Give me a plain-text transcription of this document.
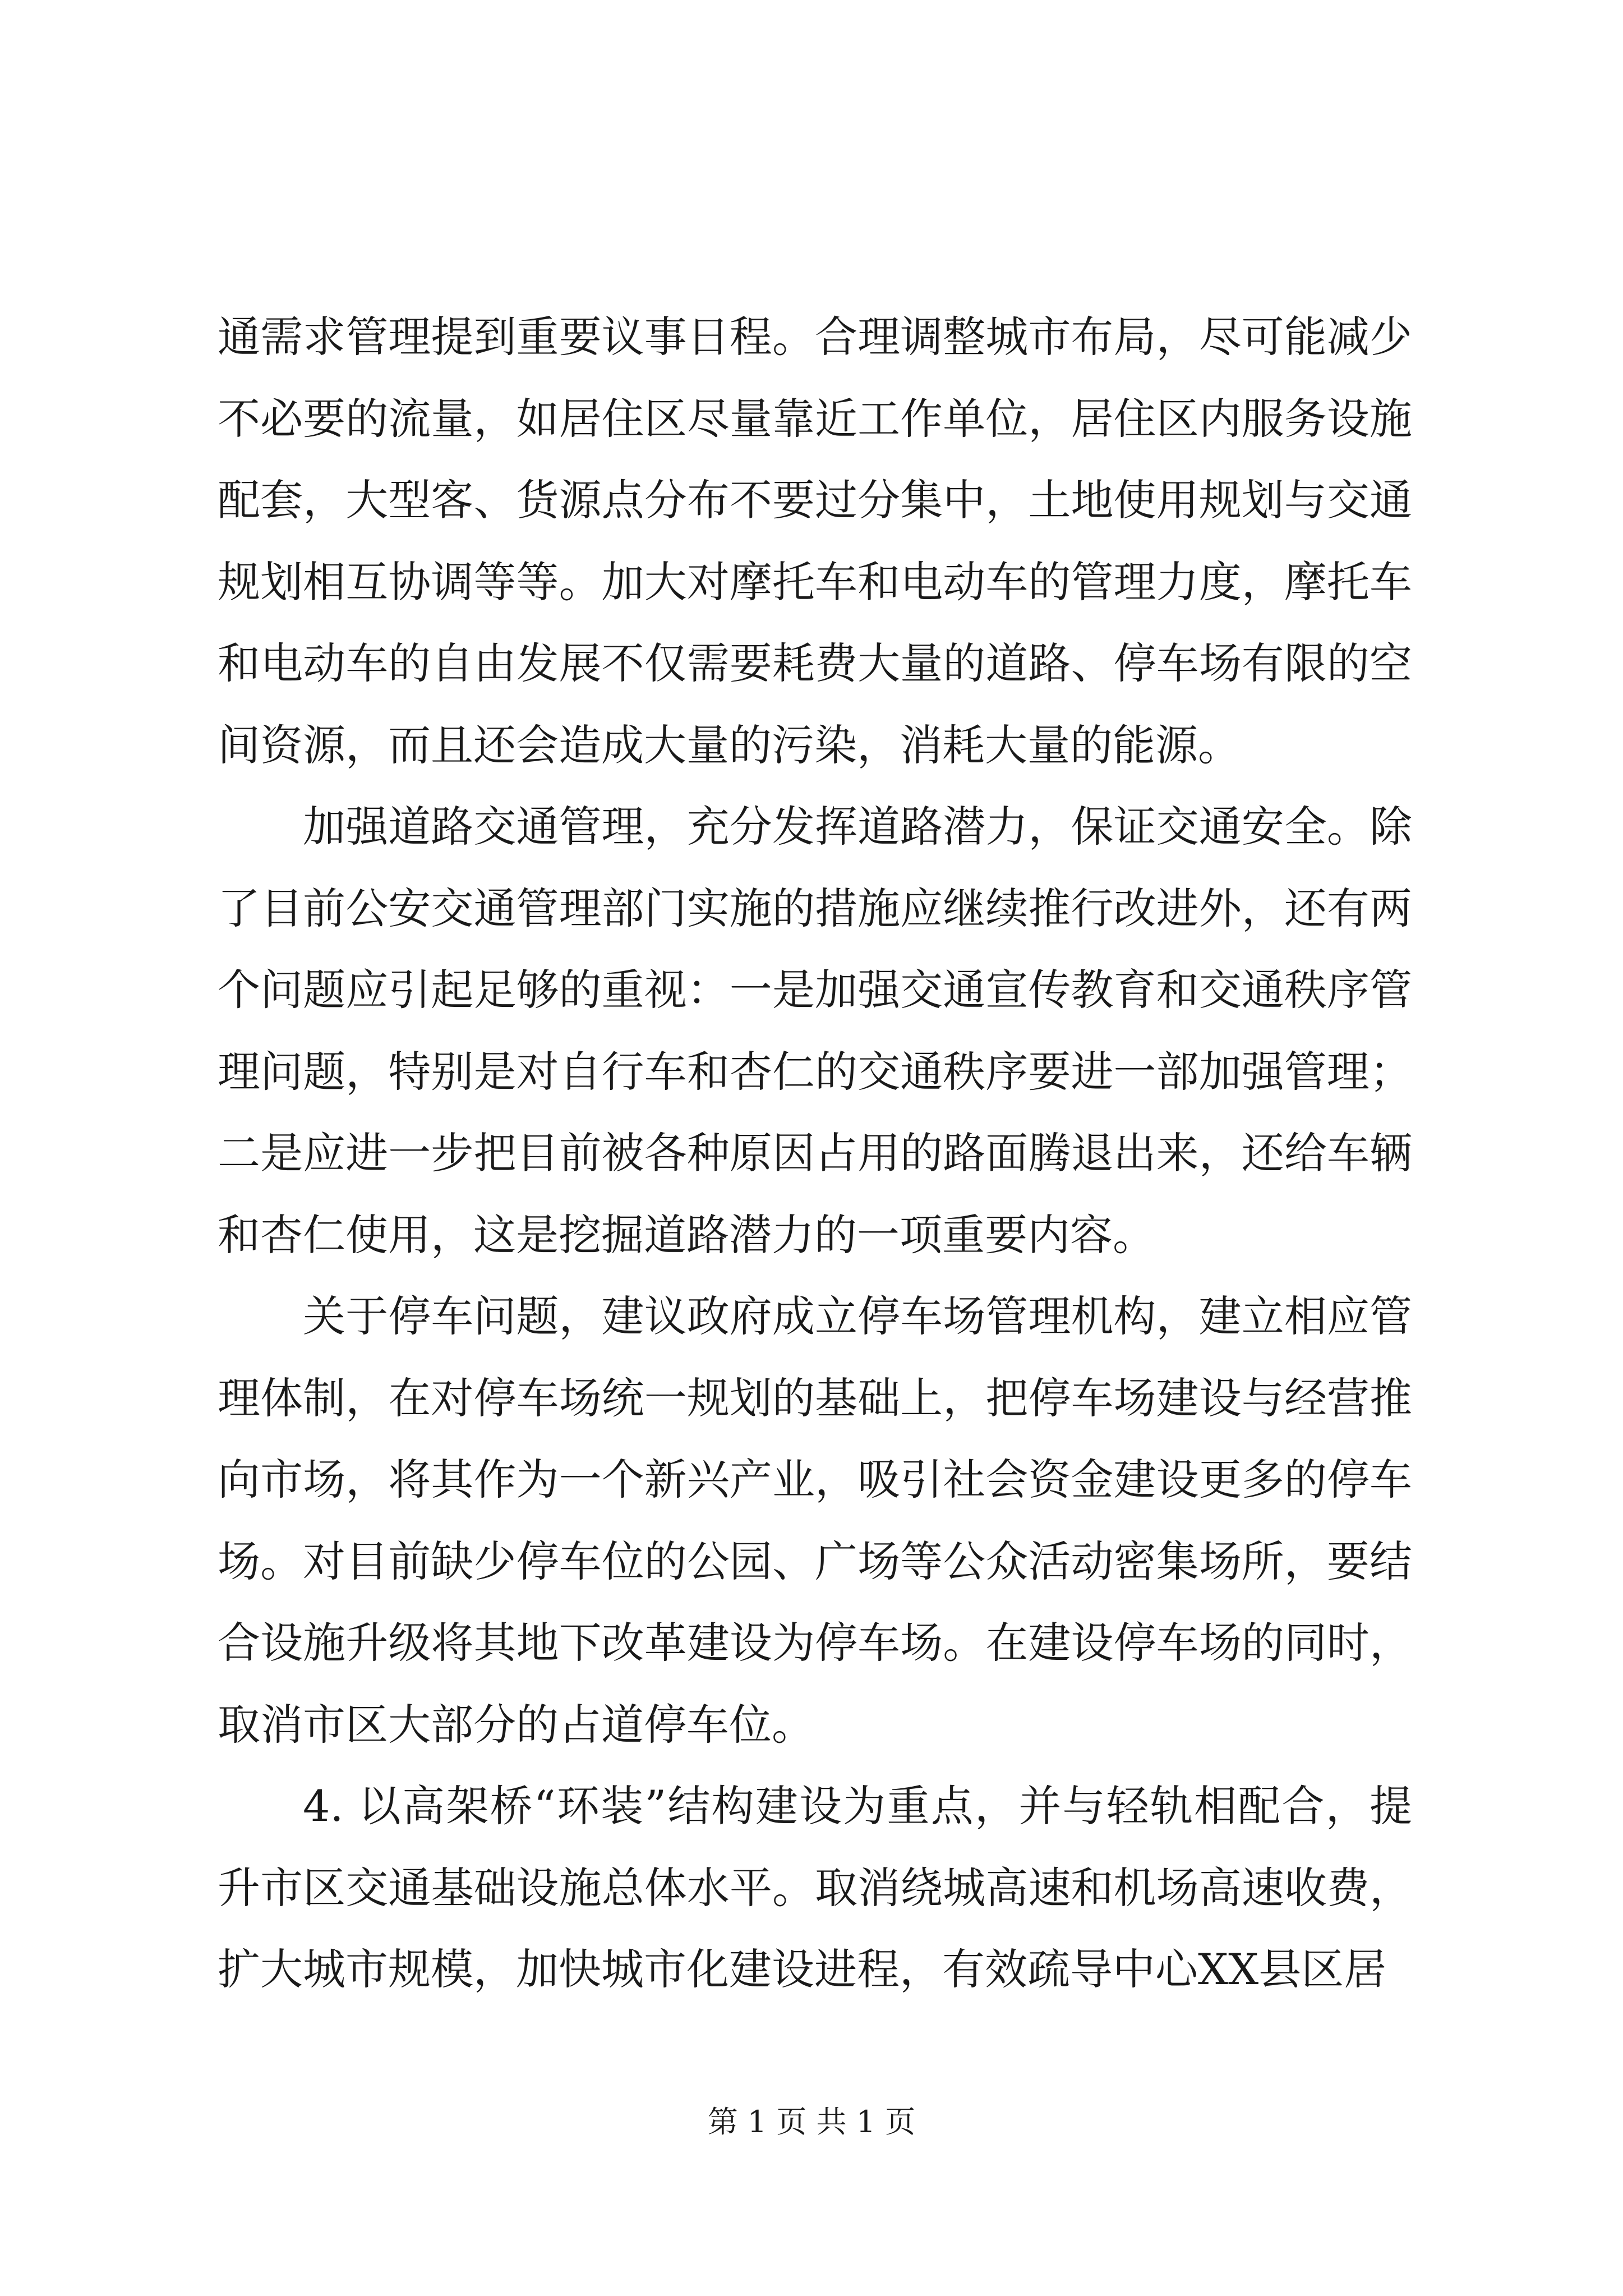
通需求管理提到重要议事日程。合理调整城市布局，尽可能减少不必要的流量，如居住区尽量靠近工作单位，居住区内服务设施配套，大型客、货源点分布不要过分集中，土地使用规划与交通规划相互协调等等。加大对摩托车和电动车的管理力度，摩托车和电动车的自由发展不仅需要耗费大量的道路、停车场有限的空间资源，而且还会造成大量的污染，消耗大量的能源。

加强道路交通管理，充分发挥道路潜力，保证交通安全。除了目前公安交通管理部门实施的措施应继续推行改进外，还有两个问题应引起足够的重视：一是加强交通宣传教育和交通秩序管理问题，特别是对自行车和杏仁的交通秩序要进一部加强管理；二是应进一步把目前被各种原因占用的路面腾退出来，还给车辆和杏仁使用，这是挖掘道路潜力的一项重要内容。

关于停车问题，建议政府成立停车场管理机构，建立相应管理体制，在对停车场统一规划的基础上，把停车场建设与经营推向市场，将其作为一个新兴产业，吸引社会资金建设更多的停车场。对目前缺少停车位的公园、广场等公众活动密集场所，要结合设施升级将其地下改革建设为停车场。在建设停车场的同时，取消市区大部分的占道停车位。

4. 以高架桥“环装”结构建设为重点，并与轻轨相配合，提升市区交通基础设施总体水平。取消绕城高速和机场高速收费，扩大城市规模，加快城市化建设进程，有效疏导中心XX县区居

第 1 页 共 1 页
